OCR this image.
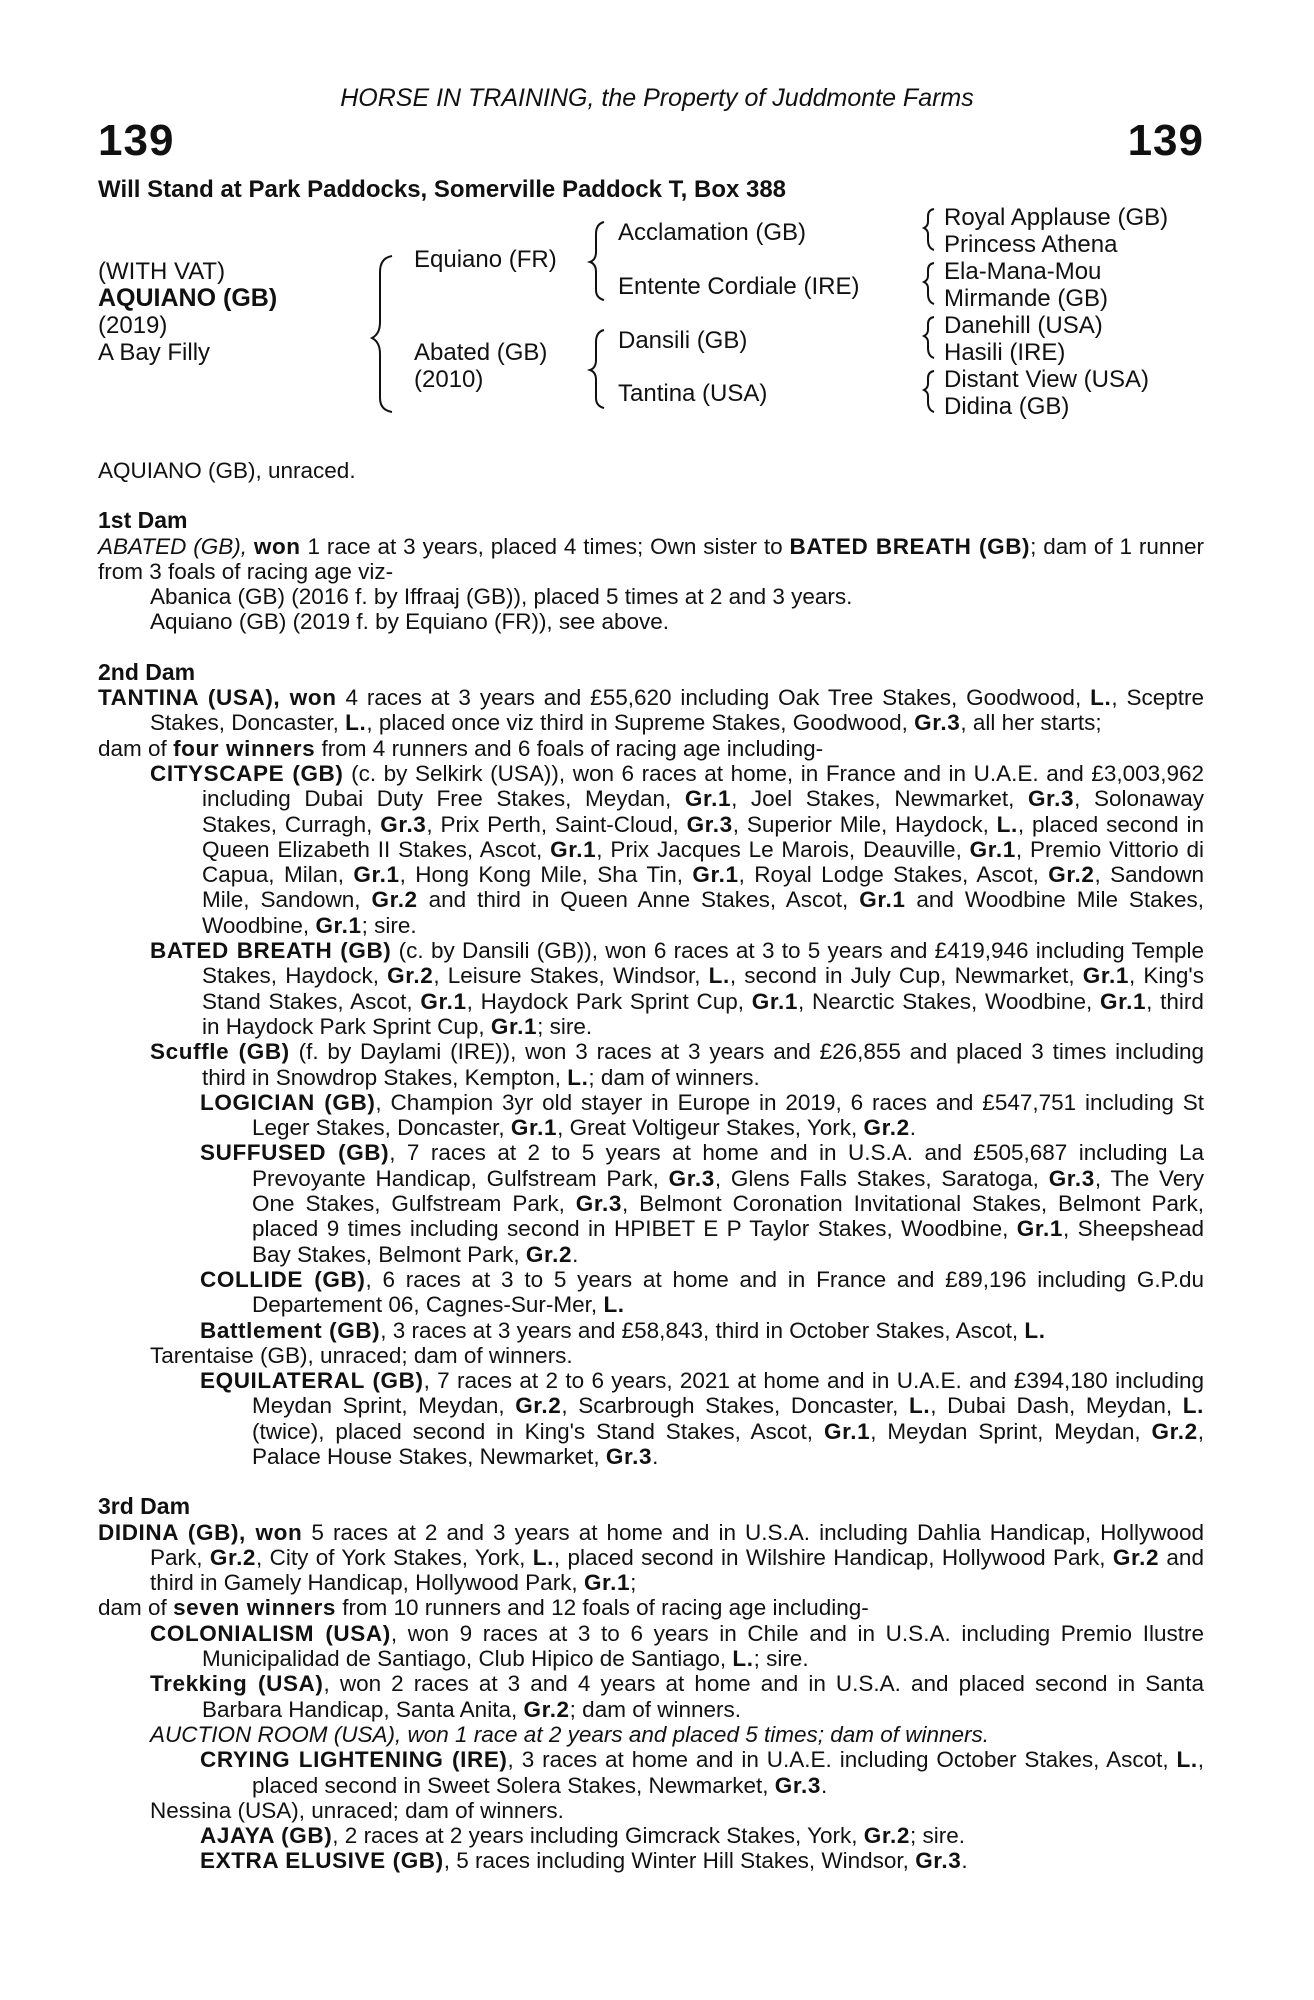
HORSE IN TRAINING, the Property of Juddmonte Farms
139	139
Will Stand at Park Paddocks, Somerville Paddock T, Box 388
(WITH VAT)
AQUIANO (GB)
(2019)
A Bay Filly
Equiano (FR)
Abated (GB)
(2010)
Acclamation (GB)
Entente Cordiale (IRE)
Dansili (GB)
Tantina (USA)
Royal Applause (GB)
Princess Athena
Ela-Mana-Mou
Mirmande (GB)
Danehill (USA)
Hasili (IRE)
Distant View (USA)
Didina (GB)

AQUIANO (GB), unraced.

1st Dam

ABATED (GB), won 1 race at 3 years, placed 4 times; Own sister to BATED BREATH (GB); dam of 1 runner from 3 foals of racing age viz-

Abanica (GB) (2016 f. by Iffraaj (GB)), placed 5 times at 2 and 3 years.

Aquiano (GB) (2019 f. by Equiano (FR)), see above.

2nd Dam

TANTINA (USA), won 4 races at 3 years and £55,620 including Oak Tree Stakes, Goodwood, L., Sceptre Stakes, Doncaster, L., placed once viz third in Supreme Stakes, Goodwood, Gr.3, all her starts;

dam of four winners from 4 runners and 6 foals of racing age including-

CITYSCAPE (GB) (c. by Selkirk (USA)), won 6 races at home, in France and in U.A.E. and £3,003,962 including Dubai Duty Free Stakes, Meydan, Gr.1, Joel Stakes, Newmarket, Gr.3, Solonaway Stakes, Curragh, Gr.3, Prix Perth, Saint-Cloud, Gr.3, Superior Mile, Haydock, L., placed second in Queen Elizabeth II Stakes, Ascot, Gr.1, Prix Jacques Le Marois, Deauville, Gr.1, Premio Vittorio di Capua, Milan, Gr.1, Hong Kong Mile, Sha Tin, Gr.1, Royal Lodge Stakes, Ascot, Gr.2, Sandown Mile, Sandown, Gr.2 and third in Queen Anne Stakes, Ascot, Gr.1 and Woodbine Mile Stakes, Woodbine, Gr.1; sire.

BATED BREATH (GB) (c. by Dansili (GB)), won 6 races at 3 to 5 years and £419,946 including Temple Stakes, Haydock, Gr.2, Leisure Stakes, Windsor, L., second in July Cup, Newmarket, Gr.1, King's Stand Stakes, Ascot, Gr.1, Haydock Park Sprint Cup, Gr.1, Nearctic Stakes, Woodbine, Gr.1, third in Haydock Park Sprint Cup, Gr.1; sire.

Scuffle (GB) (f. by Daylami (IRE)), won 3 races at 3 years and £26,855 and placed 3 times including third in Snowdrop Stakes, Kempton, L.; dam of winners.

LOGICIAN (GB), Champion 3yr old stayer in Europe in 2019, 6 races and £547,751 including St Leger Stakes, Doncaster, Gr.1, Great Voltigeur Stakes, York, Gr.2.

SUFFUSED (GB), 7 races at 2 to 5 years at home and in U.S.A. and £505,687 including La Prevoyante Handicap, Gulfstream Park, Gr.3, Glens Falls Stakes, Saratoga, Gr.3, The Very One Stakes, Gulfstream Park, Gr.3, Belmont Coronation Invitational Stakes, Belmont Park, placed 9 times including second in HPIBET E P Taylor Stakes, Woodbine, Gr.1, Sheepshead Bay Stakes, Belmont Park, Gr.2.

COLLIDE (GB), 6 races at 3 to 5 years at home and in France and £89,196 including G.P.du Departement 06, Cagnes-Sur-Mer, L.

Battlement (GB), 3 races at 3 years and £58,843, third in October Stakes, Ascot, L.

Tarentaise (GB), unraced; dam of winners.

EQUILATERAL (GB), 7 races at 2 to 6 years, 2021 at home and in U.A.E. and £394,180 including Meydan Sprint, Meydan, Gr.2, Scarbrough Stakes, Doncaster, L., Dubai Dash, Meydan, L. (twice), placed second in King's Stand Stakes, Ascot, Gr.1, Meydan Sprint, Meydan, Gr.2, Palace House Stakes, Newmarket, Gr.3.

3rd Dam

DIDINA (GB), won 5 races at 2 and 3 years at home and in U.S.A. including Dahlia Handicap, Hollywood Park, Gr.2, City of York Stakes, York, L., placed second in Wilshire Handicap, Hollywood Park, Gr.2 and third in Gamely Handicap, Hollywood Park, Gr.1;

dam of seven winners from 10 runners and 12 foals of racing age including-

COLONIALISM (USA), won 9 races at 3 to 6 years in Chile and in U.S.A. including Premio Ilustre Municipalidad de Santiago, Club Hipico de Santiago, L.; sire.

Trekking (USA), won 2 races at 3 and 4 years at home and in U.S.A. and placed second in Santa Barbara Handicap, Santa Anita, Gr.2; dam of winners.

AUCTION ROOM (USA), won 1 race at 2 years and placed 5 times; dam of winners.

CRYING LIGHTENING (IRE), 3 races at home and in U.A.E. including October Stakes, Ascot, L., placed second in Sweet Solera Stakes, Newmarket, Gr.3.

Nessina (USA), unraced; dam of winners.

AJAYA (GB), 2 races at 2 years including Gimcrack Stakes, York, Gr.2; sire.

EXTRA ELUSIVE (GB), 5 races including Winter Hill Stakes, Windsor, Gr.3.
